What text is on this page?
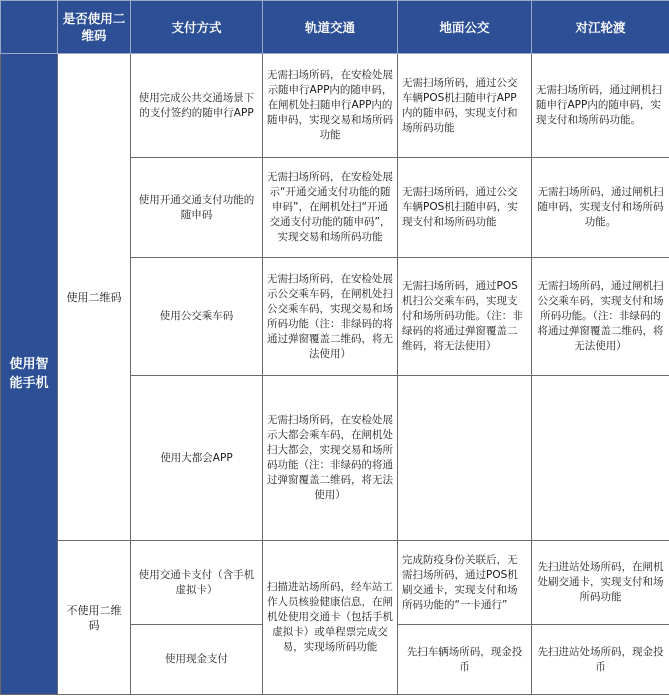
	是否使用二维码	支付方式	轨道交通	地面公交	对江轮渡
使用智能手机	使用二维码	使用完成公共交通场景下的支付签约的随申行APP	无需扫场所码，在安检处展示随申行APP内的随申码，在闸机处扫随申行APP内的随申码，实现交易和场所码功能	无需扫场所码，通过公交车辆POS机扫随申行APP内的随申码，实现支付和场所码功能	无需扫场所码，通过闸机扫随申行APP内的随申码，实现支付和场所码功能。
		使用开通交通支付功能的随申码	无需扫场所码，在安检处展示“开通交通支付功能的随申码”，在闸机处扫“开通交通支付功能的随申码”，实现交易和场所码功能	无需扫场所码，通过公交车辆POS机扫随申码，实现支付和场所码功能	无需扫场所码，通过闸机扫随申码，实现支付和场所码功能。
		使用公交乘车码	无需扫场所码，在安检处展示公交乘车码，在闸机处扫公交乘车码，实现交易和场所码功能（注：非绿码的将通过弹窗覆盖二维码，将无法使用）	无需扫场所码，通过POS机扫公交乘车码，实现支付和场所码功能。（注：非绿码的将通过弹窗覆盖二维码，将无法使用）	无需扫场所码，通过闸机扫公交乘车码，实现支付和场所码功能。（注：非绿码的将通过弹窗覆盖二维码，将无法使用）
		使用大都会APP	无需扫场所码，在安检处展示大都会乘车码，在闸机处扫大都会，实现交易和场所码功能（注：非绿码的将通过弹窗覆盖二维码，将无法使用）		
	不使用二维码	使用交通卡支付（含手机虚拟卡）	扫描进站场所码，经车站工作人员核验健康信息，在闸机处使用交通卡（包括手机虚拟卡）或单程票完成交易，实现场所码功能	完成防疫身份关联后，无需扫场所码，通过POS机刷交通卡，实现支付和场所码功能的“一卡通行”	先扫进站处场所码，在闸机处刷交通卡，实现支付和场所码功能
		使用现金支付		先扫车辆场所码，现金投币	先扫进站处场所码，现金投币
